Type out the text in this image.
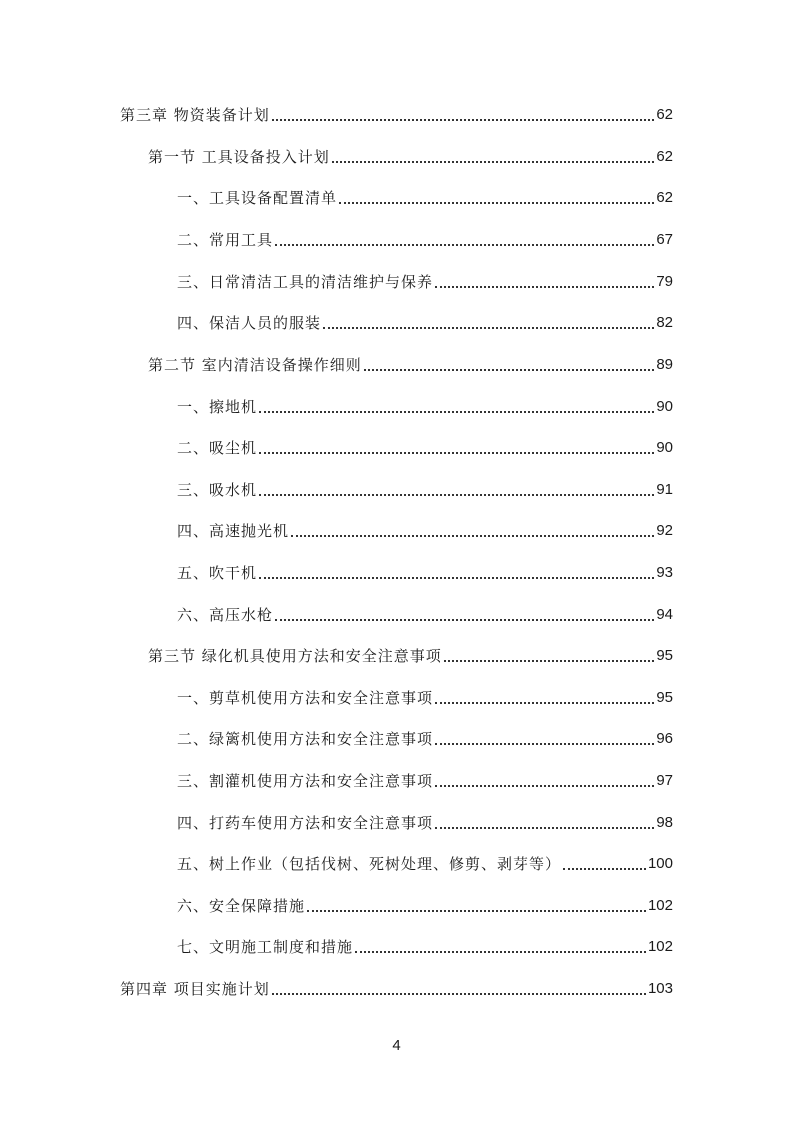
第三章 物资装备计划	62
第一节 工具设备投入计划	62
一、工具设备配置清单	62
二、常用工具	67
三、日常清洁工具的清洁维护与保养	79
四、保洁人员的服装	82
第二节 室内清洁设备操作细则	89
一、擦地机	90
二、吸尘机	90
三、吸水机	91
四、高速抛光机	92
五、吹干机	93
六、高压水枪	94
第三节 绿化机具使用方法和安全注意事项	95
一、剪草机使用方法和安全注意事项	95
二、绿篱机使用方法和安全注意事项	96
三、割灌机使用方法和安全注意事项	97
四、打药车使用方法和安全注意事项	98
五、树上作业（包括伐树、死树处理、修剪、剥芽等）	100
六、安全保障措施	102
七、文明施工制度和措施	102
第四章 项目实施计划	103
4
